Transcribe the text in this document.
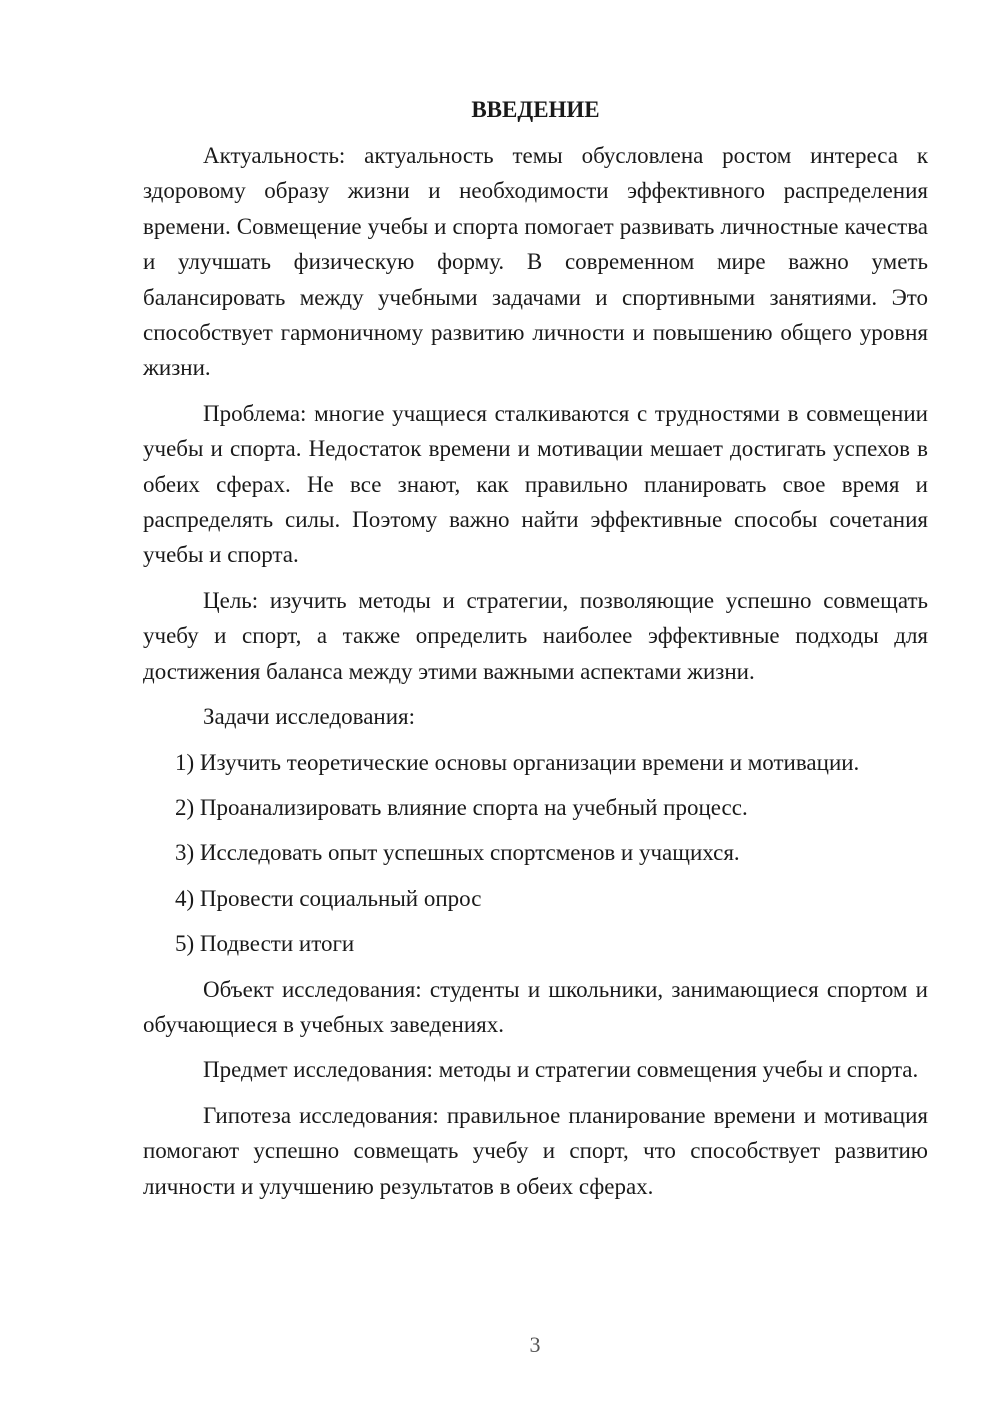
ВВЕДЕНИЕ

Актуальность: актуальность темы обусловлена ростом интереса к здоровому образу жизни и необходимости эффективного распределения времени. Совмещение учебы и спорта помогает развивать личностные качества и улучшать физическую форму. В современном мире важно уметь балансировать между учебными задачами и спортивными занятиями. Это способствует гармоничному развитию личности и повышению общего уровня жизни.

Проблема: многие учащиеся сталкиваются с трудностями в совмещении учебы и спорта. Недостаток времени и мотивации мешает достигать успехов в обеих сферах. Не все знают, как правильно планировать свое время и распределять силы. Поэтому важно найти эффективные способы сочетания учебы и спорта.

Цель: изучить методы и стратегии, позволяющие успешно совмещать учебу и спорт, а также определить наиболее эффективные подходы для достижения баланса между этими важными аспектами жизни.

Задачи исследования:

1) Изучить теоретические основы организации времени и мотивации.
2) Проанализировать влияние спорта на учебный процесс.
3) Исследовать опыт успешных спортсменов и учащихся.
4) Провести социальный опрос
5) Подвести итоги

Объект исследования: студенты и школьники, занимающиеся спортом и обучающиеся в учебных заведениях.

Предмет исследования: методы и стратегии совмещения учебы и спорта.

Гипотеза исследования: правильное планирование времени и мотивация помогают успешно совмещать учебу и спорт, что способствует развитию личности и улучшению результатов в обеих сферах.

3
